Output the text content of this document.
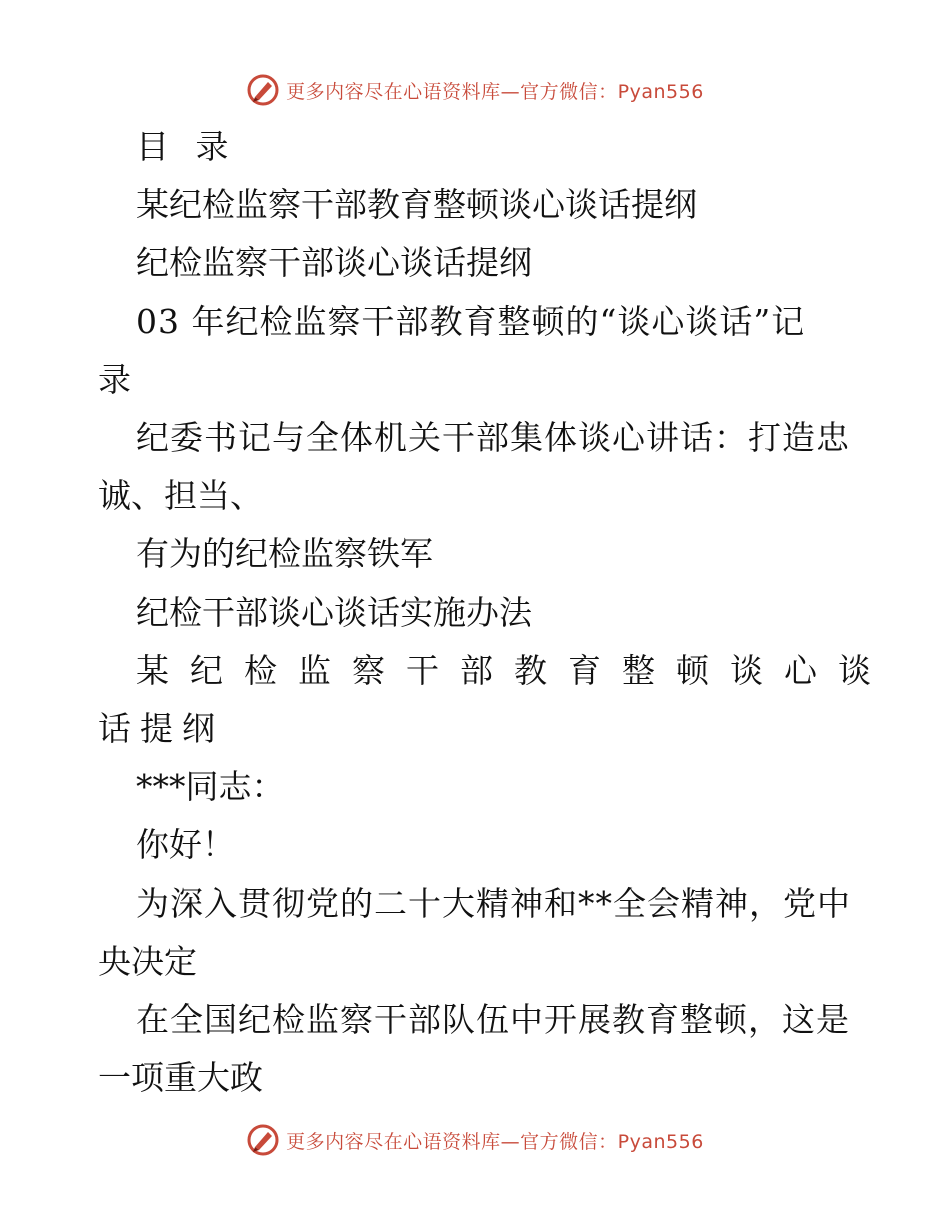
更多内容尽在心语资料库—官方微信：Pyan556
目 录
某纪检监察干部教育整顿谈心谈话提纲
纪检监察干部谈心谈话提纲
03 年纪检监察干部教育整顿的“谈心谈话”记
录
纪委书记与全体机关干部集体谈心讲话：打造忠
诚、担当、
有为的纪检监察铁军
纪检干部谈心谈话实施办法
某纪检监察干部教育整顿谈心谈
话提纲
***同志：
你好！
为深入贯彻党的二十大精神和**全会精神，党中
央决定
在全国纪检监察干部队伍中开展教育整顿，这是
一项重大政
更多内容尽在心语资料库—官方微信：Pyan556
